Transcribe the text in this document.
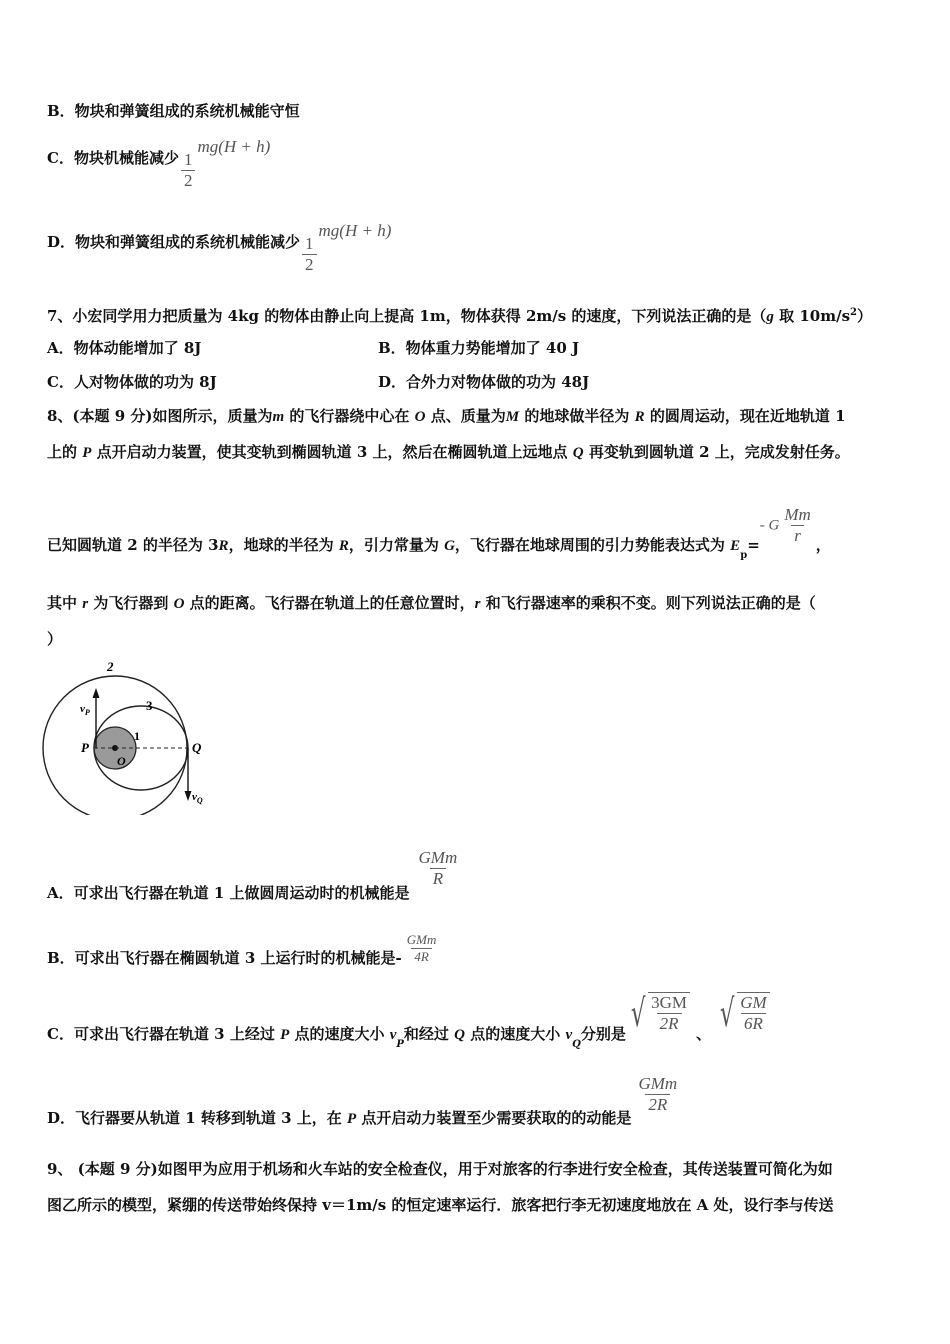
B．物块和弹簧组成的系统机械能守恒
C．物块机械能减少 $\frac{1}{2}$
mg(H + h)
D．物块和弹簧组成的系统机械能减少 $\frac{1}{2}$
mg(H + h)
7、小宏同学用力把质量为 4kg 的物体由静止向上提高 1m，物体获得 2m/s 的速度，下列说法正确的是（g 取 $10m/s^2$）
A．物体动能增加了 8J	B．物体重力势能增加了 40 J
C．人对物体做的功为 8J	D．合外力对物体做的功为 48J
8、(本题 9 分)如图所示，质量为m 的飞行器绕中心在 O 点、质量为M 的地球做半径为 R 的圆周运动，现在近地轨道 1
上的 P 点开启动力装置，使其变轨到椭圆轨道 3 上，然后在椭圆轨道上远地点 Q 再变轨到圆轨道 2 上，完成发射任务。
已知圆轨道 2 的半径为 3R，地球的半径为 R，引力常量为 G，飞行器在地球周围的引力势能表达式为 $E_p=-$ G $\frac{Mm}{r}$ ，
其中 r 为飞行器到 O 点的距离。飞行器在轨道上的任意位置时，r 和飞行器速率的乘积不变。则下列说法正确的是（
）
2
3
1
P
O
Q
$v_P$
$v_Q$
A．可求出飞行器在轨道 1 上做圆周运动时的机械能是
$\frac{\text{GMm}}{R}$
B．可求出飞行器在椭圆轨道 3 上运行时的机械能是- $\frac{\text{GMm}}{4R}$
C．可求出飞行器在轨道 3 上经过 P 点的速度大小 $v_P$和经过 Q 点的速度大小 $v_Q$分别是 √ $\frac{3GM}{2R}$ 、 √ $\frac{GM}{6R}$
D．飞行器要从轨道 1 转移到轨道 3 上，在 P 点开启动力装置至少需要获取的的动能是
$\frac{\text{GMm}}{2R}$
9、 (本题 9 分)如图甲为应用于机场和火车站的安全检查仪，用于对旅客的行李进行安全检查，其传送装置可简化为如
图乙所示的模型，紧绷的传送带始终保持 v＝1m/s 的恒定速率运行．旅客把行李无初速度地放在 A 处，设行李与传送
